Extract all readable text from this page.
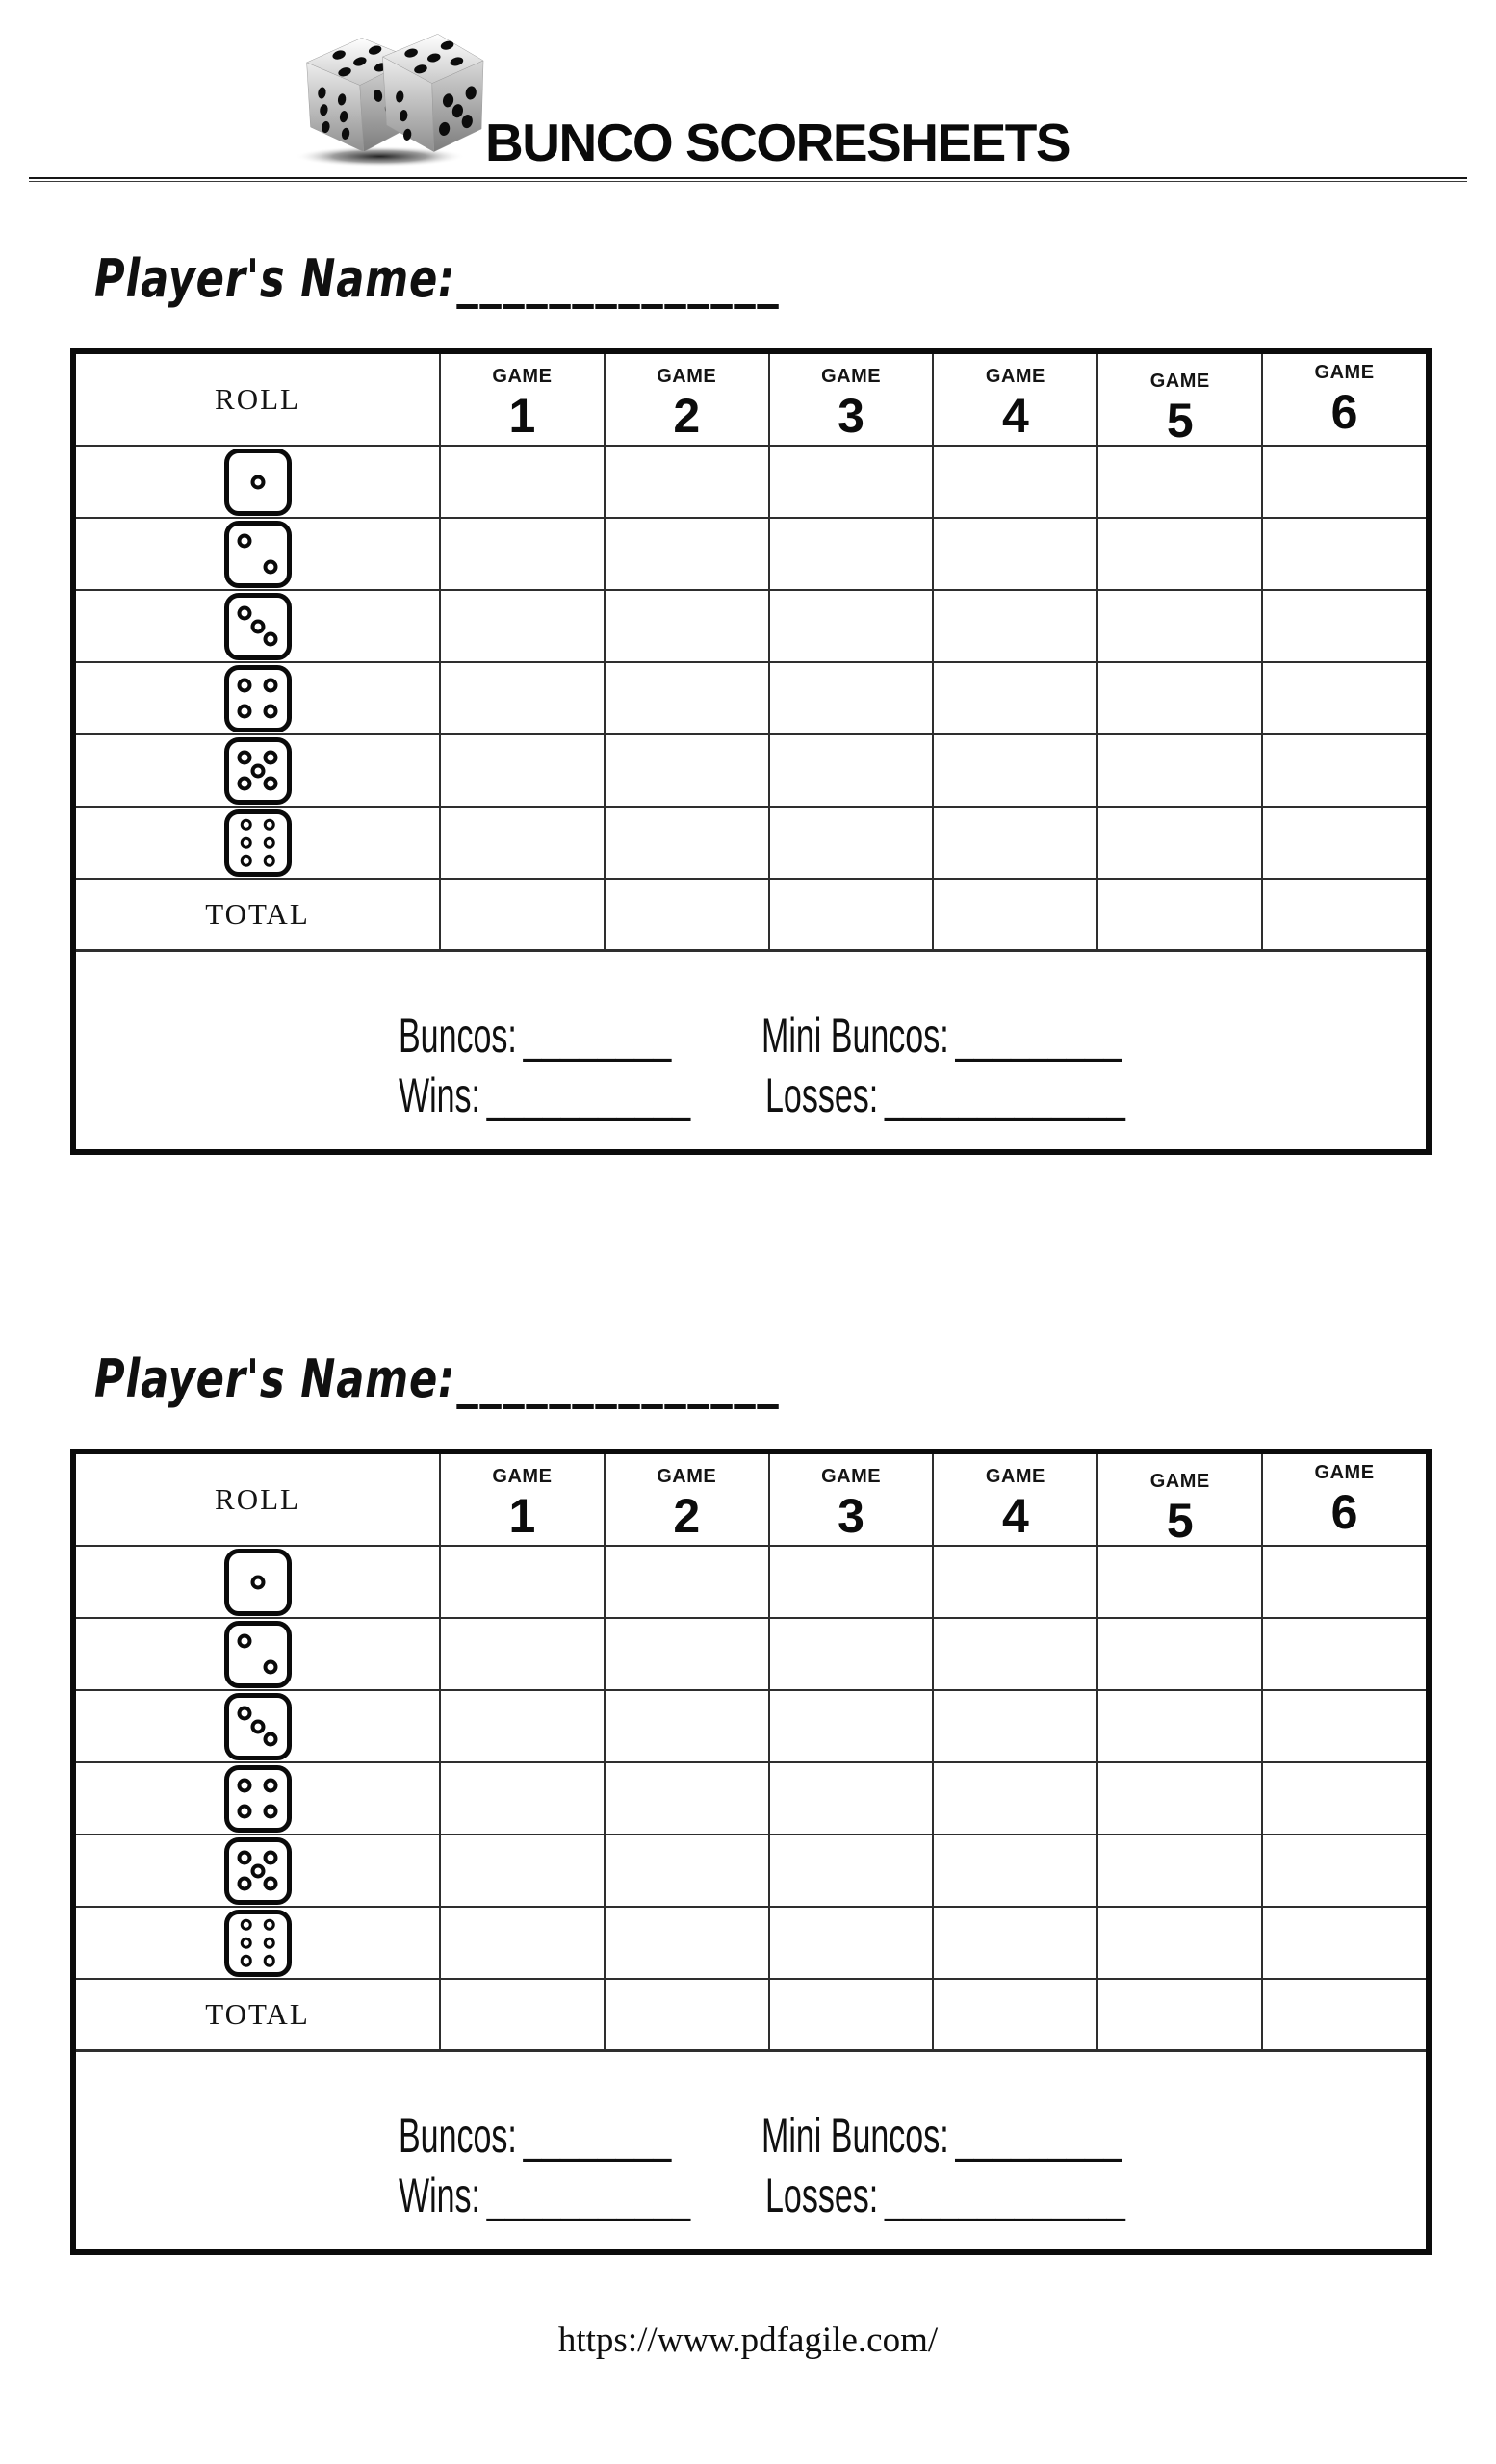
BUNCO SCORESHEETS
Player's Name:______________
ROLL
GAME
1
GAME
2
GAME
3
GAME
4
GAME
5
GAME
6
TOTAL
Buncos: ________ Mini Buncos: _________
Wins: ___________ Losses: _____________
Player's Name:______________
ROLL
GAME
1
GAME
2
GAME
3
GAME
4
GAME
5
GAME
6
TOTAL
Buncos: ________ Mini Buncos: _________
Wins: ___________ Losses: _____________
https://www.pdfagile.com/
